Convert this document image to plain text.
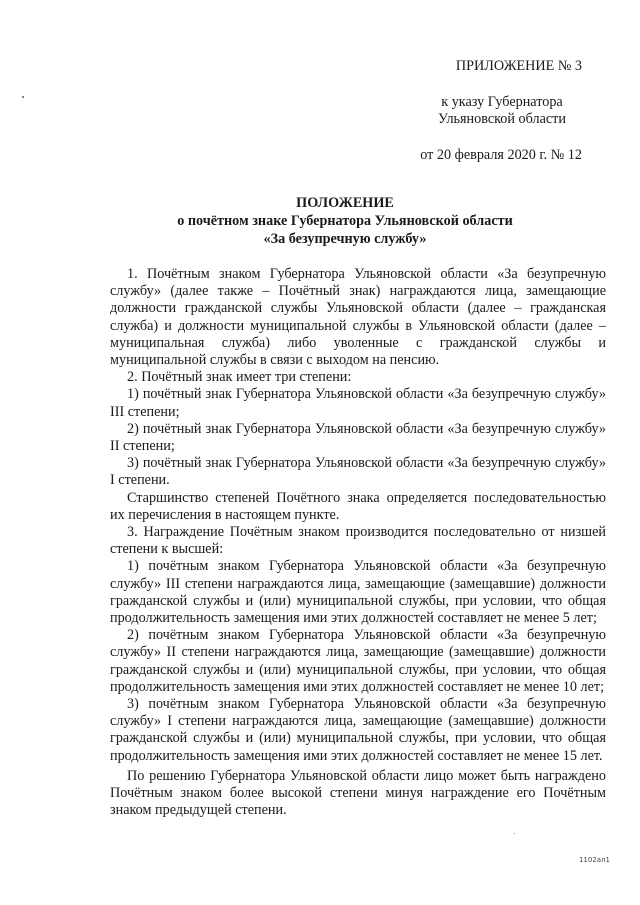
ПРИЛОЖЕНИЕ № 3
к указу Губернатора
Ульяновской области
от 20 февраля 2020 г. № 12
ПОЛОЖЕНИЕ
о почётном знаке Губернатора Ульяновской области
«За безупречную службу»

1. Почётным знаком Губернатора Ульяновской области «За безупречную службу» (далее также – Почётный знак) награждаются лица, замещающие должности гражданской службы Ульяновской области (далее – гражданская служба) и должности муниципальной службы в Ульяновской области (далее – муниципальная служба) либо уволенные с гражданской службы и муниципальной службы в связи с выходом на пенсию.

2. Почётный знак имеет три степени:

1) почётный знак Губернатора Ульяновской области «За безупречную службу» III степени;

2) почётный знак Губернатора Ульяновской области «За безупречную службу» II степени;

3) почётный знак Губернатора Ульяновской области «За безупречную службу» I степени.

Старшинство степеней Почётного знака определяется последовательностью их перечисления в настоящем пункте.

3. Награждение Почётным знаком производится последовательно от низшей степени к высшей:

1) почётным знаком Губернатора Ульяновской области «За безупречную службу» III степени награждаются лица, замещающие (замещавшие) должности гражданской службы и (или) муниципальной службы, при условии, что общая продолжительность замещения ими этих должностей составляет не менее 5 лет;

2) почётным знаком Губернатора Ульяновской области «За безупречную службу» II степени награждаются лица, замещающие (замещавшие) должности гражданской службы и (или) муниципальной службы, при условии, что общая продолжительность замещения ими этих должностей составляет не менее 10 лет;

3) почётным знаком Губернатора Ульяновской области «За безупречную службу» I степени награждаются лица, замещающие (замещавшие) должности гражданской службы и (или) муниципальной службы, при условии, что общая продолжительность замещения ими этих должностей составляет не менее 15 лет.

По решению Губернатора Ульяновской области лицо может быть награждено Почётным знаком более высокой степени минуя награждение его Почётным знаком предыдущей степени.

1102ал1
